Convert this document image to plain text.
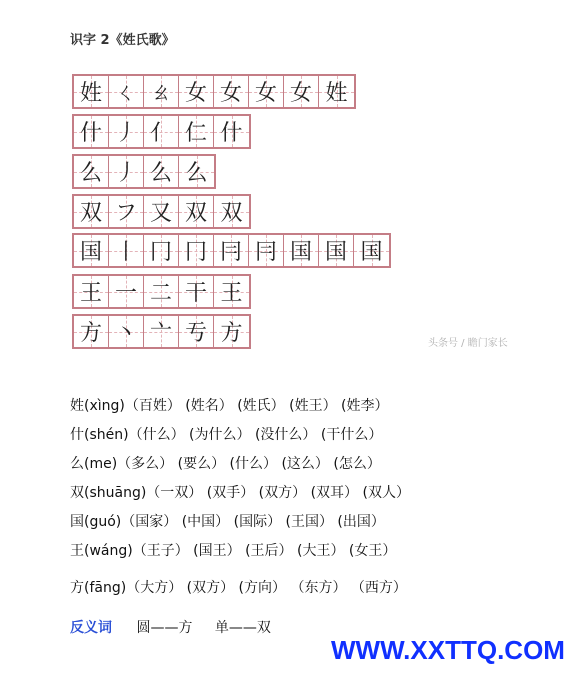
识字 2《姓氏歌》
姓 ㄑ ㄠ 女 女 女 女 姓
什 丿 亻 仁 什
么 丿 么 么
双 フ 又 双 双
国 丨 冂 冂 冃 冃 国 国 国
王 一 二 干 王
方 丶 亠 亐 方	头条号 / 瞻门家长
姓(xìng)（百姓） (姓名） (姓氏） (姓王） (姓李）
什(shén)（什么） (为什么） (没什么） (干什么）
么(me)（多么） (要么） (什么） (这么） (怎么）
双(shuāng)（一双） (双手） (双方） (双耳） (双人）
国(guó)（国家） (中国） (国际） (王国） (出国）
王(wáng)（王子） (国王） (王后） (大王） (女王）
方(fāng)（大方） (双方） (方向） （东方） （西方）
反义词 圆——方 单——双
WWW.XXTTQ.COM
